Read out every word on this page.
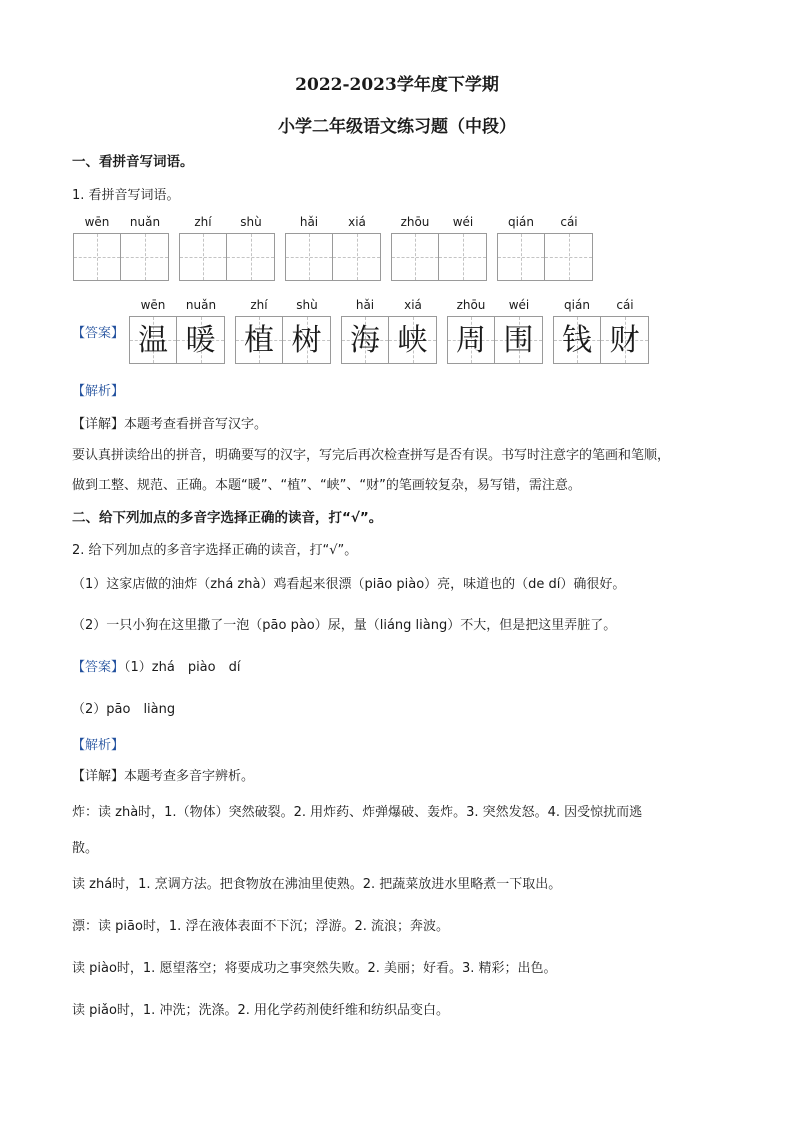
2022-2023学年度下学期
小学二年级语文练习题（中段）
一、看拼音写词语。
1. 看拼音写词语。
wēn	nuǎn	zhí	shù	hǎi	xiá	zhōu	wéi	qián	cái
【答案】
wēn	nuǎn	zhí	shù	hǎi	xiá	zhōu	wéi	qián	cái
温 暖 植 树 海 峡 周 围 钱 财
【解析】
【详解】本题考查看拼音写汉字。
要认真拼读给出的拼音，明确要写的汉字，写完后再次检查拼写是否有误。书写时注意字的笔画和笔顺，
做到工整、规范、正确。本题“暖”、“植”、“峡”、“财”的笔画较复杂，易写错，需注意。
二、给下列加点的多音字选择正确的读音，打“√”。
2. 给下列加点的多音字选择正确的读音，打“√”。
（1）这家店做的油炸（zhá zhà）鸡看起来很漂（piāo piào）亮，味道也的（de dí）确很好。
（2）一只小狗在这里撒了一泡（pāo pào）尿，量（liáng liàng）不大，但是把这里弄脏了。
【答案】（1）zhá　piào　dí
（2）pāo　liàng
【解析】
【详解】本题考查多音字辨析。
炸：读 zhà时，1.（物体）突然破裂。2. 用炸药、炸弹爆破、轰炸。3. 突然发怒。4. 因受惊扰而逃
散。
读 zhá时，1. 烹调方法。把食物放在沸油里使熟。2. 把蔬菜放进水里略煮一下取出。
漂：读 piāo时，1. 浮在液体表面不下沉；浮游。2. 流浪；奔波。
读 piào时，1. 愿望落空；将要成功之事突然失败。2. 美丽；好看。3. 精彩；出色。
读 piǎo时，1. 冲洗；洗涤。2. 用化学药剂使纤维和纺织品变白。
